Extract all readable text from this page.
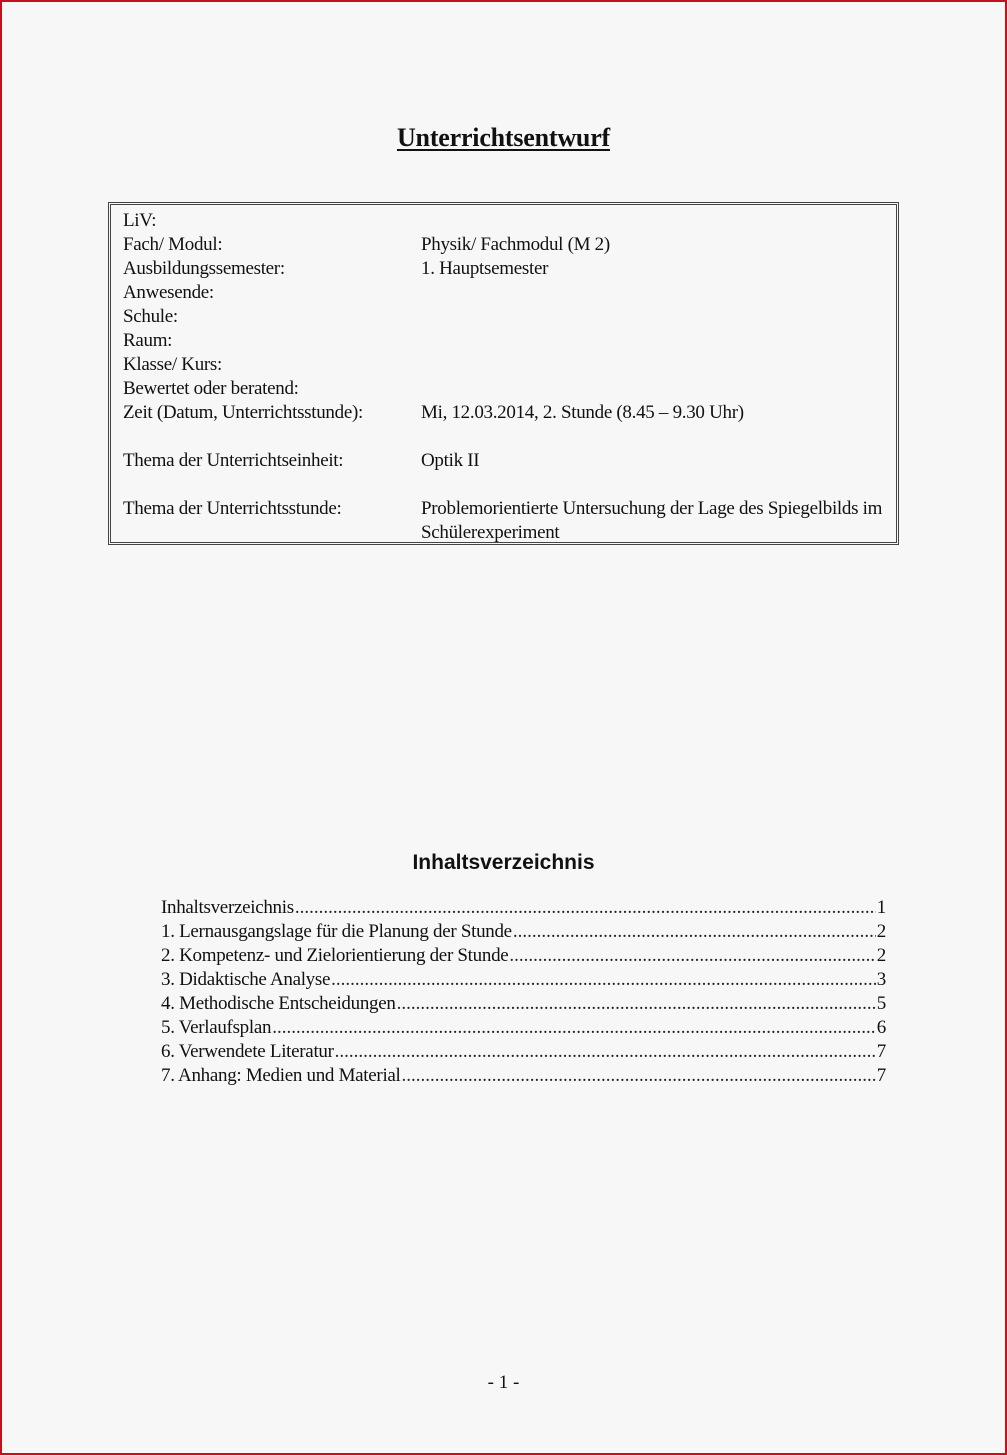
Unterrichtsentwurf
LiV:
Fach/ Modul:	Physik/ Fachmodul (M 2)
Ausbildungssemester:	1. Hauptsemester
Anwesende:
Schule:
Raum:
Klasse/ Kurs:
Bewertet oder beratend:
Zeit (Datum, Unterrichtsstunde):	Mi, 12.03.2014, 2. Stunde (8.45 – 9.30 Uhr)
Thema der Unterrichtseinheit:	Optik II
Thema der Unterrichtsstunde:	Problemorientierte Untersuchung der Lage des Spiegelbilds im Schülerexperiment
Inhaltsverzeichnis
Inhaltsverzeichnis .....	1
1. Lernausgangslage für die Planung der Stunde .....	2
2. Kompetenz- und Zielorientierung der Stunde .....	2
3. Didaktische Analyse .....	3
4. Methodische Entscheidungen .....	5
5. Verlaufsplan .....	6
6. Verwendete Literatur .....	7
7. Anhang: Medien und Material .....	7
- 1 -
